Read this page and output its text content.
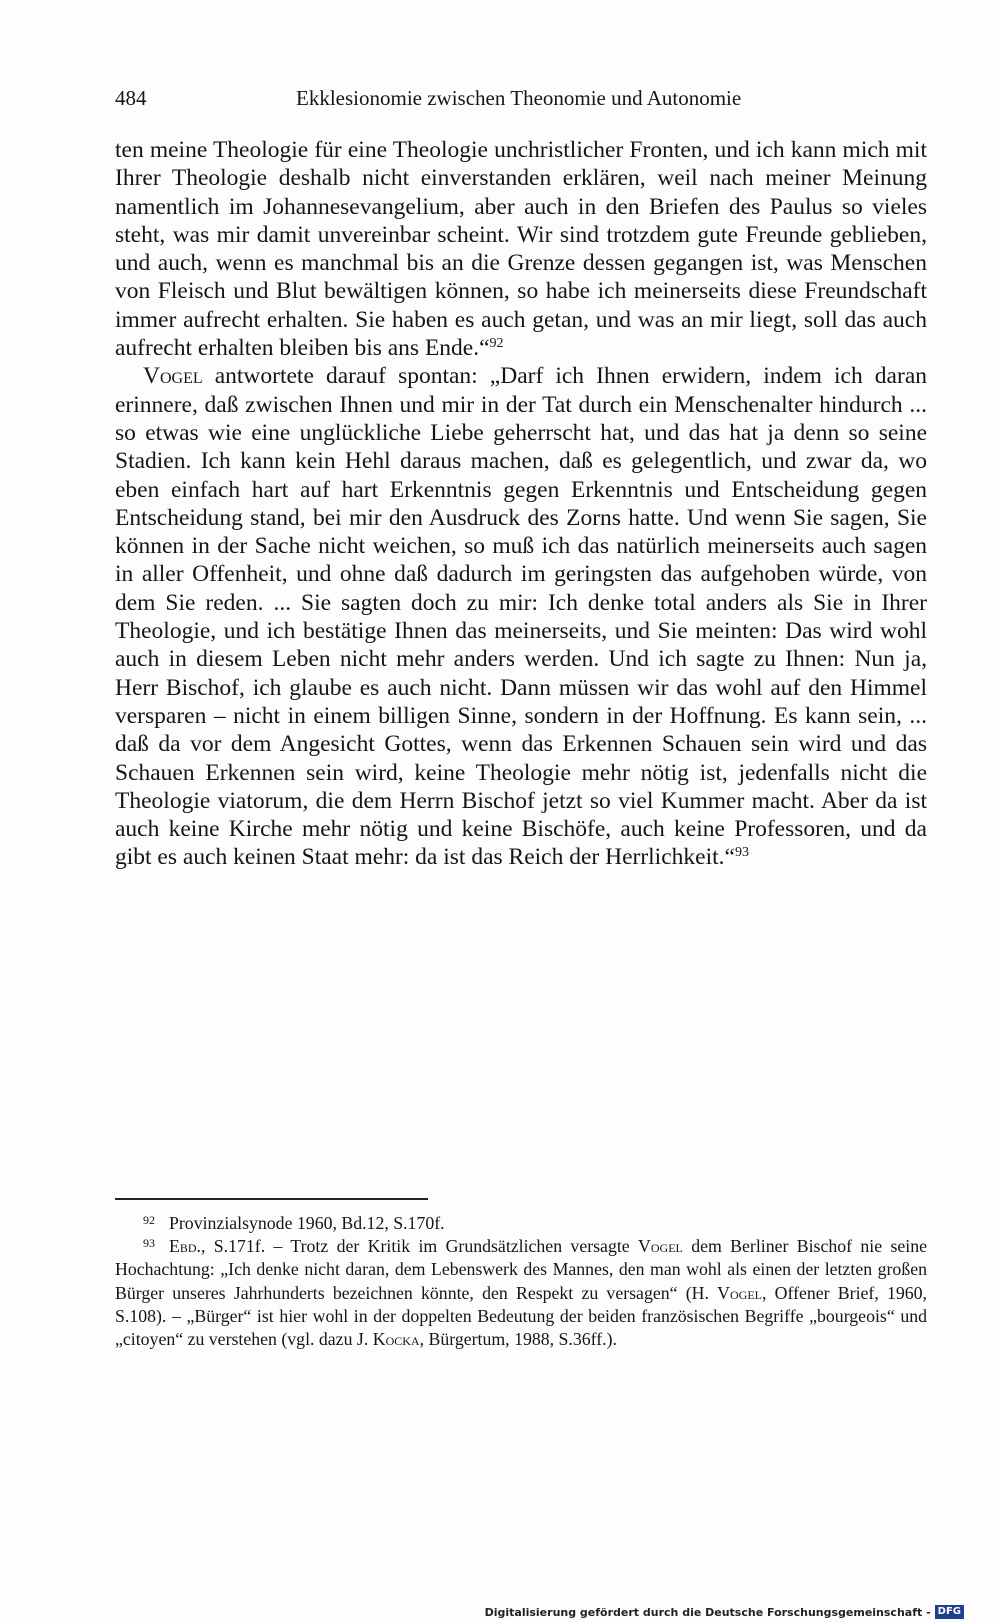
484	Ekklesionomie zwischen Theonomie und Autonomie

ten meine Theologie für eine Theologie unchristlicher Fronten, und ich kann mich mit Ihrer Theologie deshalb nicht einverstanden erklären, weil nach meiner Meinung namentlich im Johannesevangelium, aber auch in den Briefen des Paulus so vieles steht, was mir damit unvereinbar scheint. Wir sind trotzdem gute Freunde geblieben, und auch, wenn es manchmal bis an die Grenze dessen gegangen ist, was Menschen von Fleisch und Blut bewältigen können, so habe ich meinerseits diese Freundschaft immer aufrecht erhalten. Sie haben es auch getan, und was an mir liegt, soll das auch aufrecht erhalten bleiben bis ans Ende.“$^{92}$

Vogel antwortete darauf spontan: „Darf ich Ihnen erwidern, indem ich daran erinnere, daß zwischen Ihnen und mir in der Tat durch ein Menschenalter hindurch ... so etwas wie eine unglückliche Liebe geherrscht hat, und das hat ja denn so seine Stadien. Ich kann kein Hehl daraus machen, daß es gelegentlich, und zwar da, wo eben einfach hart auf hart Erkenntnis gegen Erkenntnis und Entscheidung gegen Entscheidung stand, bei mir den Ausdruck des Zorns hatte. Und wenn Sie sagen, Sie können in der Sache nicht weichen, so muß ich das natürlich meinerseits auch sagen in aller Offenheit, und ohne daß dadurch im geringsten das aufgehoben würde, von dem Sie reden. ... Sie sagten doch zu mir: Ich denke total anders als Sie in Ihrer Theologie, und ich bestätige Ihnen das meinerseits, und Sie meinten: Das wird wohl auch in diesem Leben nicht mehr anders werden. Und ich sagte zu Ihnen: Nun ja, Herr Bischof, ich glaube es auch nicht. Dann müssen wir das wohl auf den Himmel versparen – nicht in einem billigen Sinne, sondern in der Hoffnung. Es kann sein, ... daß da vor dem Angesicht Gottes, wenn das Erkennen Schauen sein wird und das Schauen Erkennen sein wird, keine Theologie mehr nötig ist, jedenfalls nicht die Theologie viatorum, die dem Herrn Bischof jetzt so viel Kummer macht. Aber da ist auch keine Kirche mehr nötig und keine Bischöfe, auch keine Professoren, und da gibt es auch keinen Staat mehr: da ist das Reich der Herrlichkeit.“$^{93}$

$^{92}$ Provinzialsynode 1960, Bd.12, S.170f.

$^{93}$ Ebd., S.171f. – Trotz der Kritik im Grundsätzlichen versagte Vogel dem Berliner Bischof nie seine Hochachtung: „Ich denke nicht daran, dem Lebenswerk des Mannes, den man wohl als einen der letzten großen Bürger unseres Jahrhunderts bezeichnen könnte, den Respekt zu versagen“ (H. Vogel, Offener Brief, 1960, S.108). – „Bürger“ ist hier wohl in der doppelten Bedeutung der beiden französischen Begriffe „bourgeois“ und „citoyen“ zu verstehen (vgl. dazu J. Kocka, Bürgertum, 1988, S.36ff.).

Digitalisierung gefördert durch die Deutsche Forschungsgemeinschaft - DFG
